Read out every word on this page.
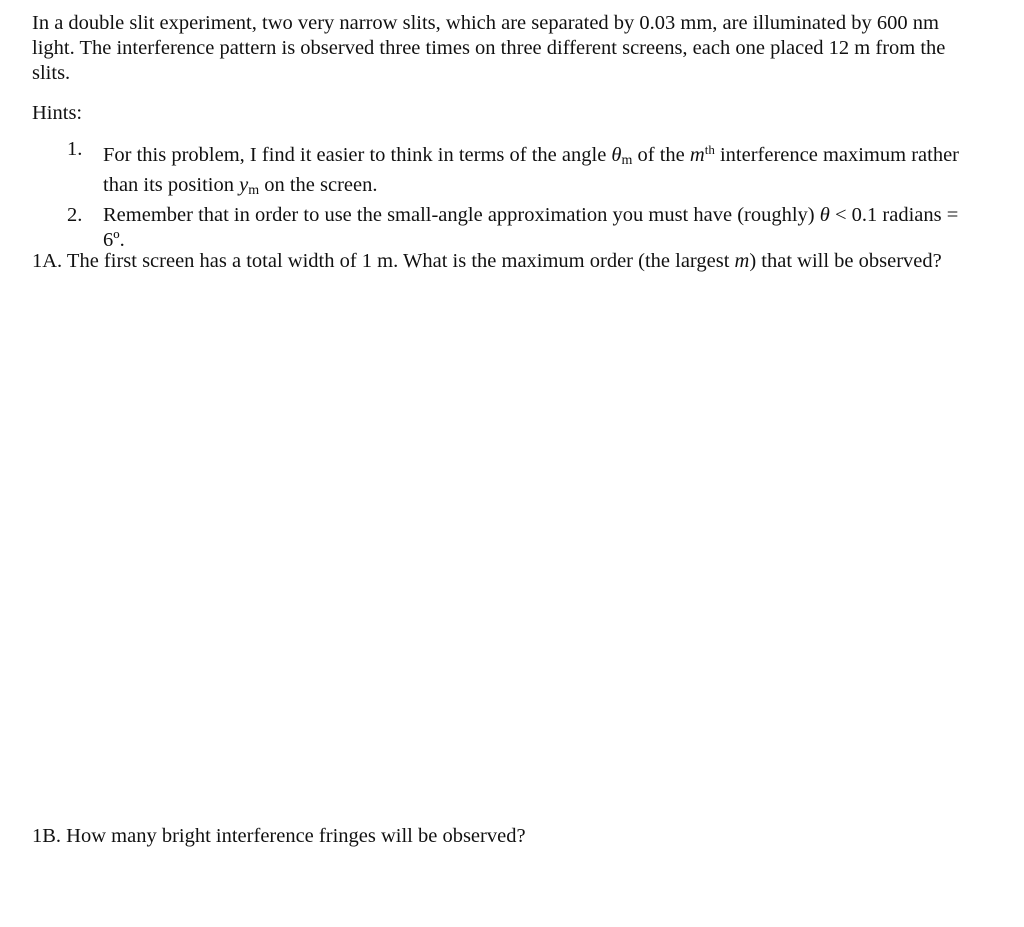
In a double slit experiment, two very narrow slits, which are separated by 0.03 mm, are illuminated by 600 nm light. The interference pattern is observed three times on three different screens, each one placed 12 m from the slits.

Hints:

1. For this problem, I find it easier to think in terms of the angle $\theta_m$ of the $m^{th}$ interference maximum rather than its position $y_m$ on the screen.
2. Remember that in order to use the small-angle approximation you must have (roughly) θ < 0.1 radians = 6º.

1A. The first screen has a total width of 1 m. What is the maximum order (the largest m) that will be observed?

1B. How many bright interference fringes will be observed?
